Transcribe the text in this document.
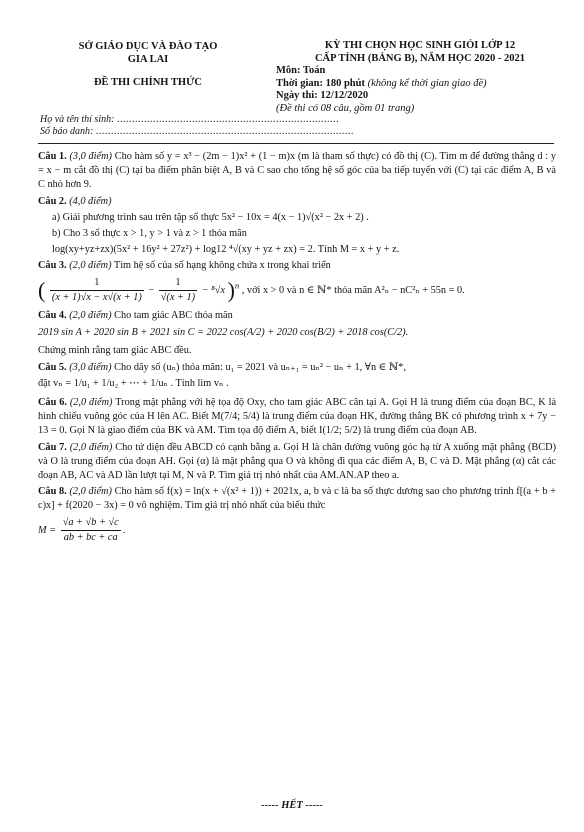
SỞ GIÁO DỤC VÀ ĐÀO TẠO
GIA LAI
ĐỀ THI CHÍNH THỨC
KỲ THI CHỌN HỌC SINH GIỎI LỚP 12
CẤP TỈNH (BẢNG B), NĂM HỌC 2020 - 2021
Môn: Toán
Thời gian: 180 phút (không kể thời gian giao đề)
Ngày thi: 12/12/2020
(Đề thi có 08 câu, gồm 01 trang)
Họ và tên thí sinh: ..........................................................................
Số báo danh: ......................................................................................

Câu 1. (3,0 điểm) Cho hàm số y = x³ − (2m − 1)x² + (1 − m)x (m là tham số thực) có đồ thị (C). Tìm m để đường thẳng d : y = x − m cắt đồ thị (C) tại ba điểm phân biệt A, B và C sao cho tổng hệ số góc của ba tiếp tuyến với (C) tại các điểm A, B và C nhỏ hơn 9.

Câu 2. (4,0 điểm)

a) Giải phương trình sau trên tập số thực 5x² − 10x = 4(x − 1)√(x² − 2x + 2) .

b) Cho 3 số thực x > 1, y > 1 và z > 1 thỏa mãn

log(xy+yz+zx)(5x² + 16y² + 27z²) + log12 ⁴√(xy + yz + zx) = 2. Tính M = x + y + z.

Câu 3. (2,0 điểm) Tìm hệ số của số hạng không chứa x trong khai triển

( $\frac{1}{(x + 1)√x - x√(x + 1)} - \frac{1}{√(x + 1)} - ^8√x$ )$^n$ , với x > 0 và n ∈ ℕ* thỏa mãn A²ₙ − nC²ₙ + 55n = 0.

Câu 4. (2,0 điểm) Cho tam giác ABC thỏa mãn

2019 sin A + 2020 sin B + 2021 sin C = 2022 cos(A/2) + 2020 cos(B/2) + 2018 cos(C/2).

Chứng minh rằng tam giác ABC đều.

Câu 5. (3,0 điểm) Cho dãy số (uₙ) thỏa mãn: u₁ = 2021 và uₙ₊₁ = uₙ² − uₙ + 1, ∀n ∈ ℕ*,

đặt vₙ = 1/u₁ + 1/u₂ + ⋯ + 1/uₙ . Tính lim vₙ .

Câu 6. (2,0 điểm) Trong mặt phẳng với hệ tọa độ Oxy, cho tam giác ABC cân tại A. Gọi H là trung điểm của đoạn BC, K là hình chiếu vuông góc của H lên AC. Biết M(7/4; 5/4) là trung điểm của đoạn HK, đường thẳng BK có phương trình x + 7y − 13 = 0. Gọi N là giao điểm của BK và AM. Tìm tọa độ điểm A, biết I(1/2; 5/2) là trung điểm của đoạn AB.

Câu 7. (2,0 điểm) Cho tứ diện đều ABCD có cạnh bằng a. Gọi H là chân đường vuông góc hạ từ A xuống mặt phẳng (BCD) và O là trung điểm của đoạn AH. Gọi (α) là mặt phẳng qua O và không đi qua các điểm A, B, C và D. Mặt phẳng (α) cắt các đoạn AB, AC và AD lần lượt tại M, N và P. Tìm giá trị nhỏ nhất của AM.AN.AP theo a.

Câu 8. (2,0 điểm) Cho hàm số f(x) = ln(x + √(x² + 1)) + 2021x, a, b và c là ba số thực dương sao cho phương trình f[(a + b + c)x] + f(2020 − 3x) = 0 vô nghiệm. Tìm giá trị nhỏ nhất của biểu thức

$M = \frac{√a + √b + √c}{ab + bc + ca}$ .

----- HẾT -----
